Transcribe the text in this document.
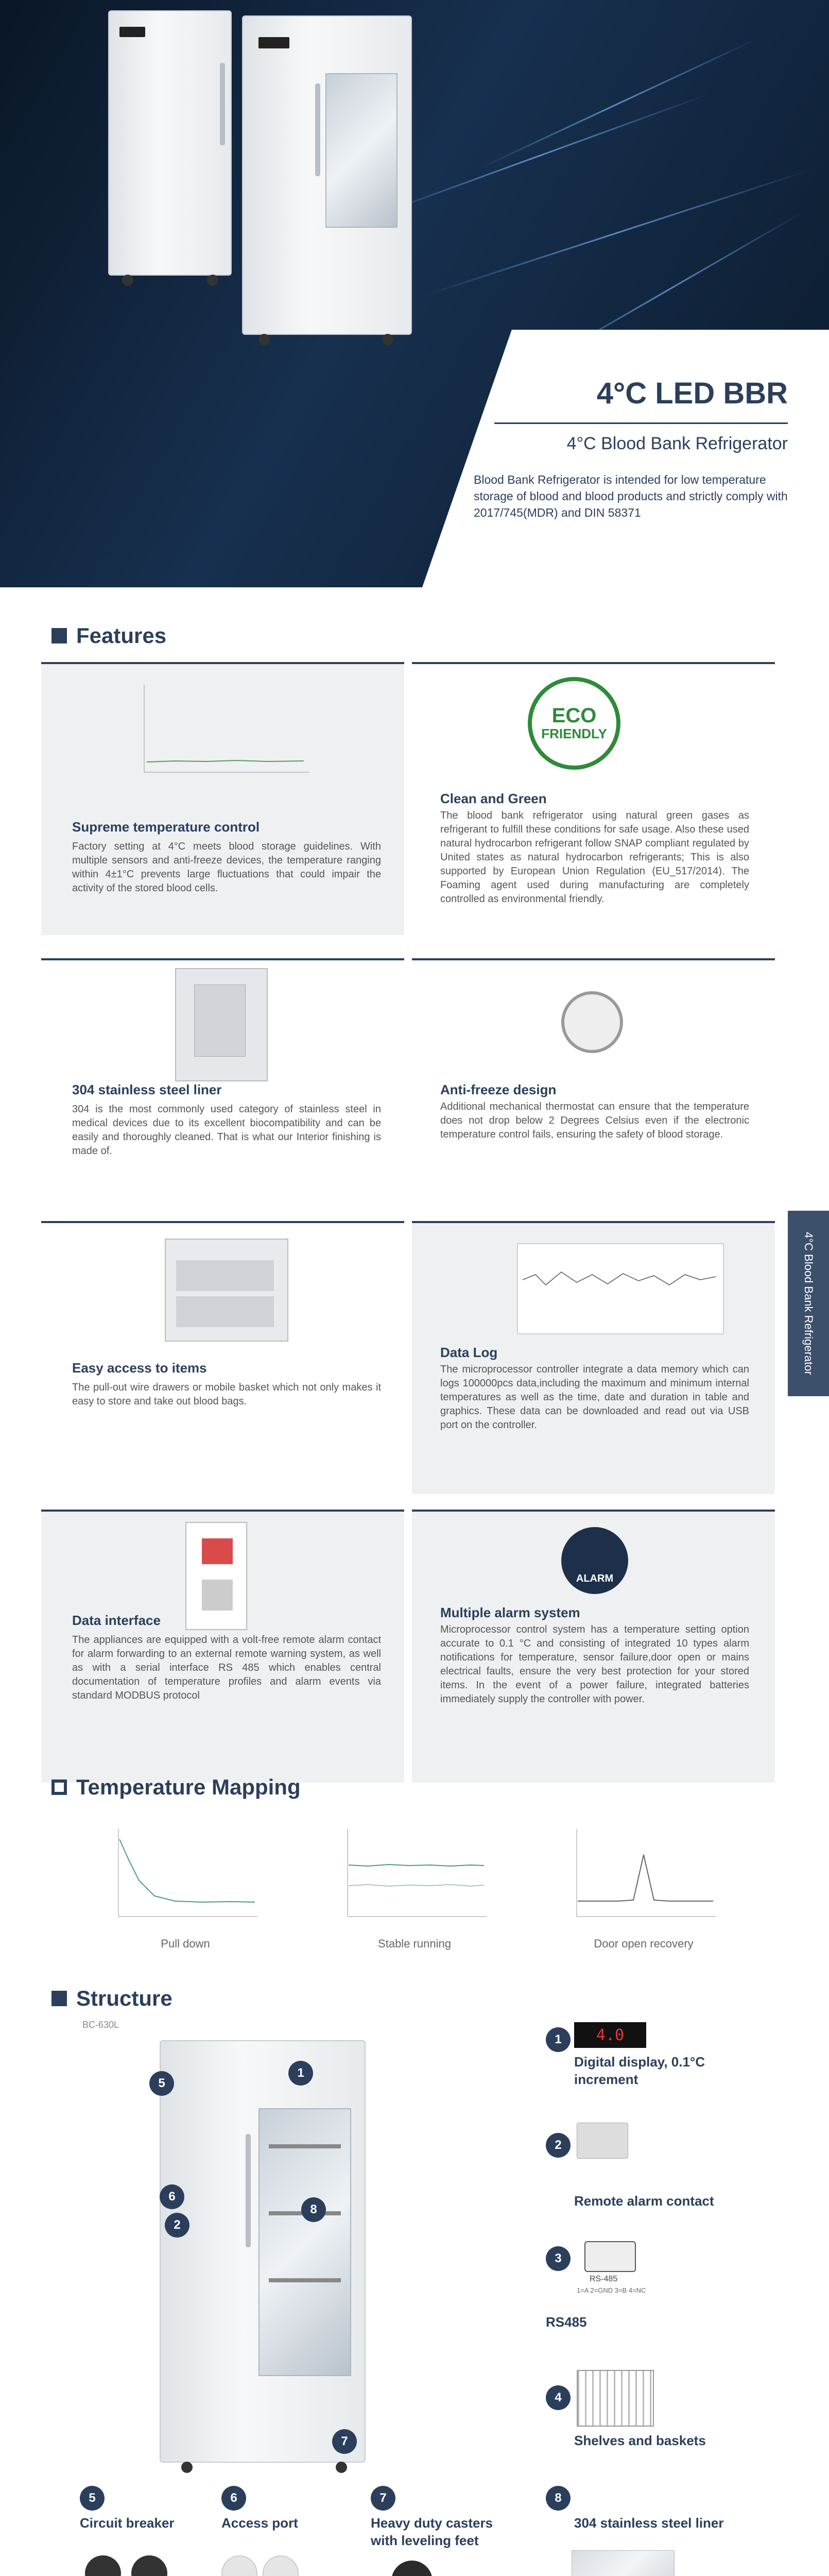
4°C LED BBR
4°C Blood Bank Refrigerator
Blood Bank Refrigerator is intended for low temperature storage of blood and blood products and strictly comply with 2017/745(MDR) and DIN 58371
Features
Supreme temperature control

Factory setting at 4°C meets blood storage guidelines. With multiple sensors and anti-freeze devices, the temperature ranging within 4±1°C prevents large fluctuations that could impair the activity of the stored blood cells.

ECO
FRIENDLY
Clean and Green

The blood bank refrigerator using natural green gases as refrigerant to fulfill these conditions for safe usage. Also these used natural hydrocarbon refrigerant follow SNAP compliant regulated by United states as natural hydrocarbon refrigerants; This is also supported by European Union Regulation (EU_517/2014). The Foaming agent used during manufacturing are completely controlled as environmental friendly.

304 stainless steel liner

304 is the most commonly used category of stainless steel in medical devices due to its excellent biocompatibility and can be easily and thoroughly cleaned. That is what our Interior finishing is made of.

Anti-freeze design

Additional mechanical thermostat can ensure that the temperature does not drop below 2 Degrees Celsius even if the electronic temperature control fails, ensuring the safety of blood storage.

Easy access to items

The pull-out wire drawers or mobile basket which not only makes it easy to store and take out blood bags.

Data Log

The microprocessor controller integrate a data memory which can logs 100000pcs data,including the maximum and minimum internal temperatures as well as the time, date and duration in table and graphics. These data can be downloaded and read out via USB port on the controller.

Data interface

The appliances are equipped with a volt-free remote alarm contact for alarm forwarding to an external remote warning system, as well as with a serial interface RS 485 which enables central documentation of temperature profiles and alarm events via standard MODBUS protocol

ALARM
Multiple alarm system

Microprocessor control system has a temperature setting option accurate to 0.1 °C and consisting of integrated 10 types alarm notifications for temperature, sensor failure,door open or mains electrical faults, ensure the very best protection for your stored items. In the event of a power failure, integrated batteries immediately supply the controller with power.

4°C Blood Bank Refrigerator
Temperature Mapping
Pull down	Stable running	Door open recovery
Structure
BC-630L
5
6
2
1
8
7
1	4.0
Digital display, 0.1°C increment
2
Remote alarm contact
3
RS-485
1=A 2=GND 3=B 4=NC
RS485
4
Shelves and baskets
5
Circuit breaker
6
Access port
7
Heavy duty casters with leveling feet
8
304 stainless steel liner
